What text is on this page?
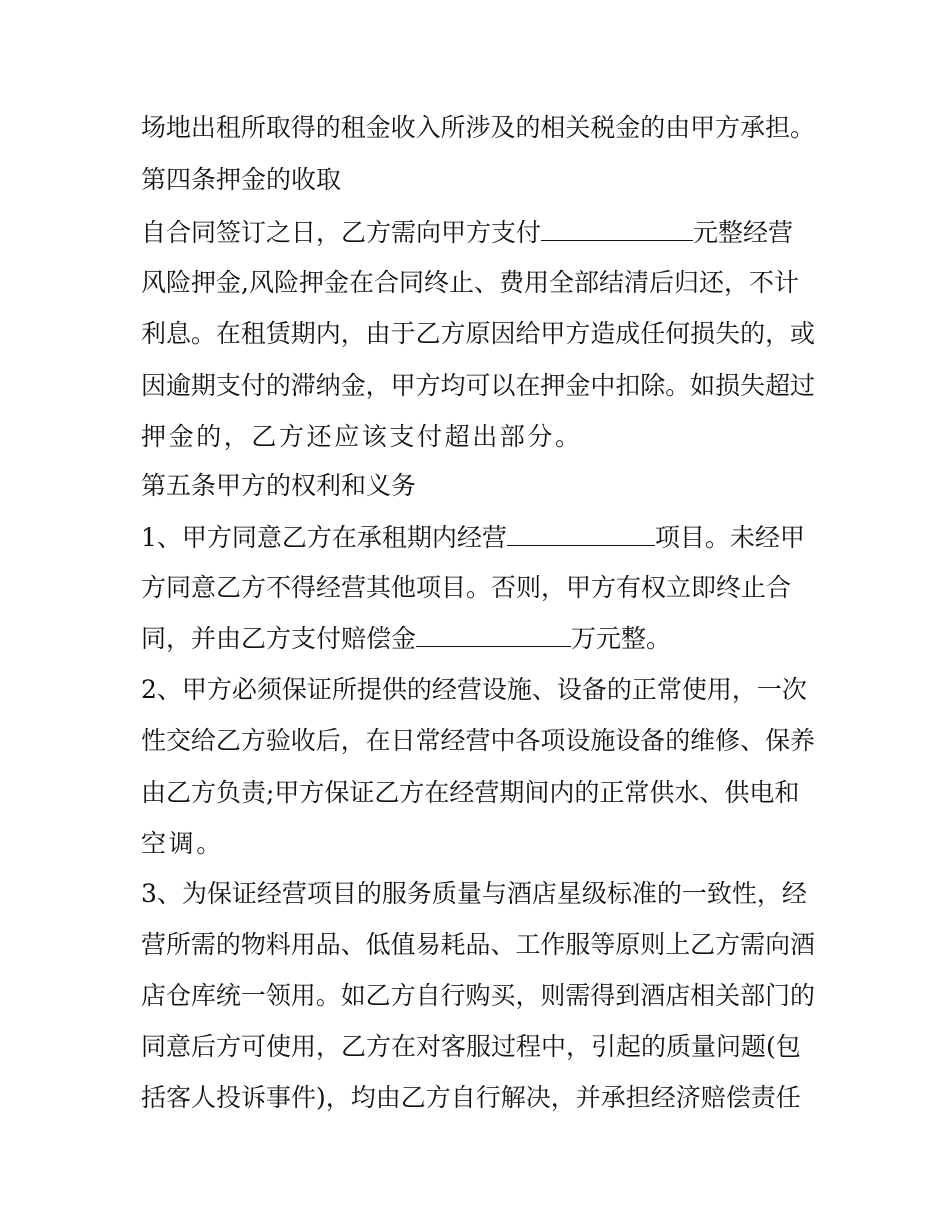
场地出租所取得的租金收入所涉及的相关税金的由甲方承担。
第四条押金的收取
自合同签订之日，乙方需向甲方支付	元整经营
风险押金,风险押金在合同终止、费用全部结清后归还，不计
利息。在租赁期内，由于乙方原因给甲方造成任何损失的，或
因逾期支付的滞纳金，甲方均可以在押金中扣除。如损失超过
押金的，乙方还应该支付超出部分。
第五条甲方的权利和义务
1、甲方同意乙方在承租期内经营	项目。未经甲
方同意乙方不得经营其他项目。否则，甲方有权立即终止合
同，并由乙方支付赔偿金	万元整。
2、甲方必须保证所提供的经营设施、设备的正常使用，一次
性交给乙方验收后，在日常经营中各项设施设备的维修、保养
由乙方负责;甲方保证乙方在经营期间内的正常供水、供电和
空调。
3、为保证经营项目的服务质量与酒店星级标准的一致性，经
营所需的物料用品、低值易耗品、工作服等原则上乙方需向酒
店仓库统一领用。如乙方自行购买，则需得到酒店相关部门的
同意后方可使用，乙方在对客服过程中，引起的质量问题(包
括客人投诉事件)，均由乙方自行解决，并承担经济赔偿责任
